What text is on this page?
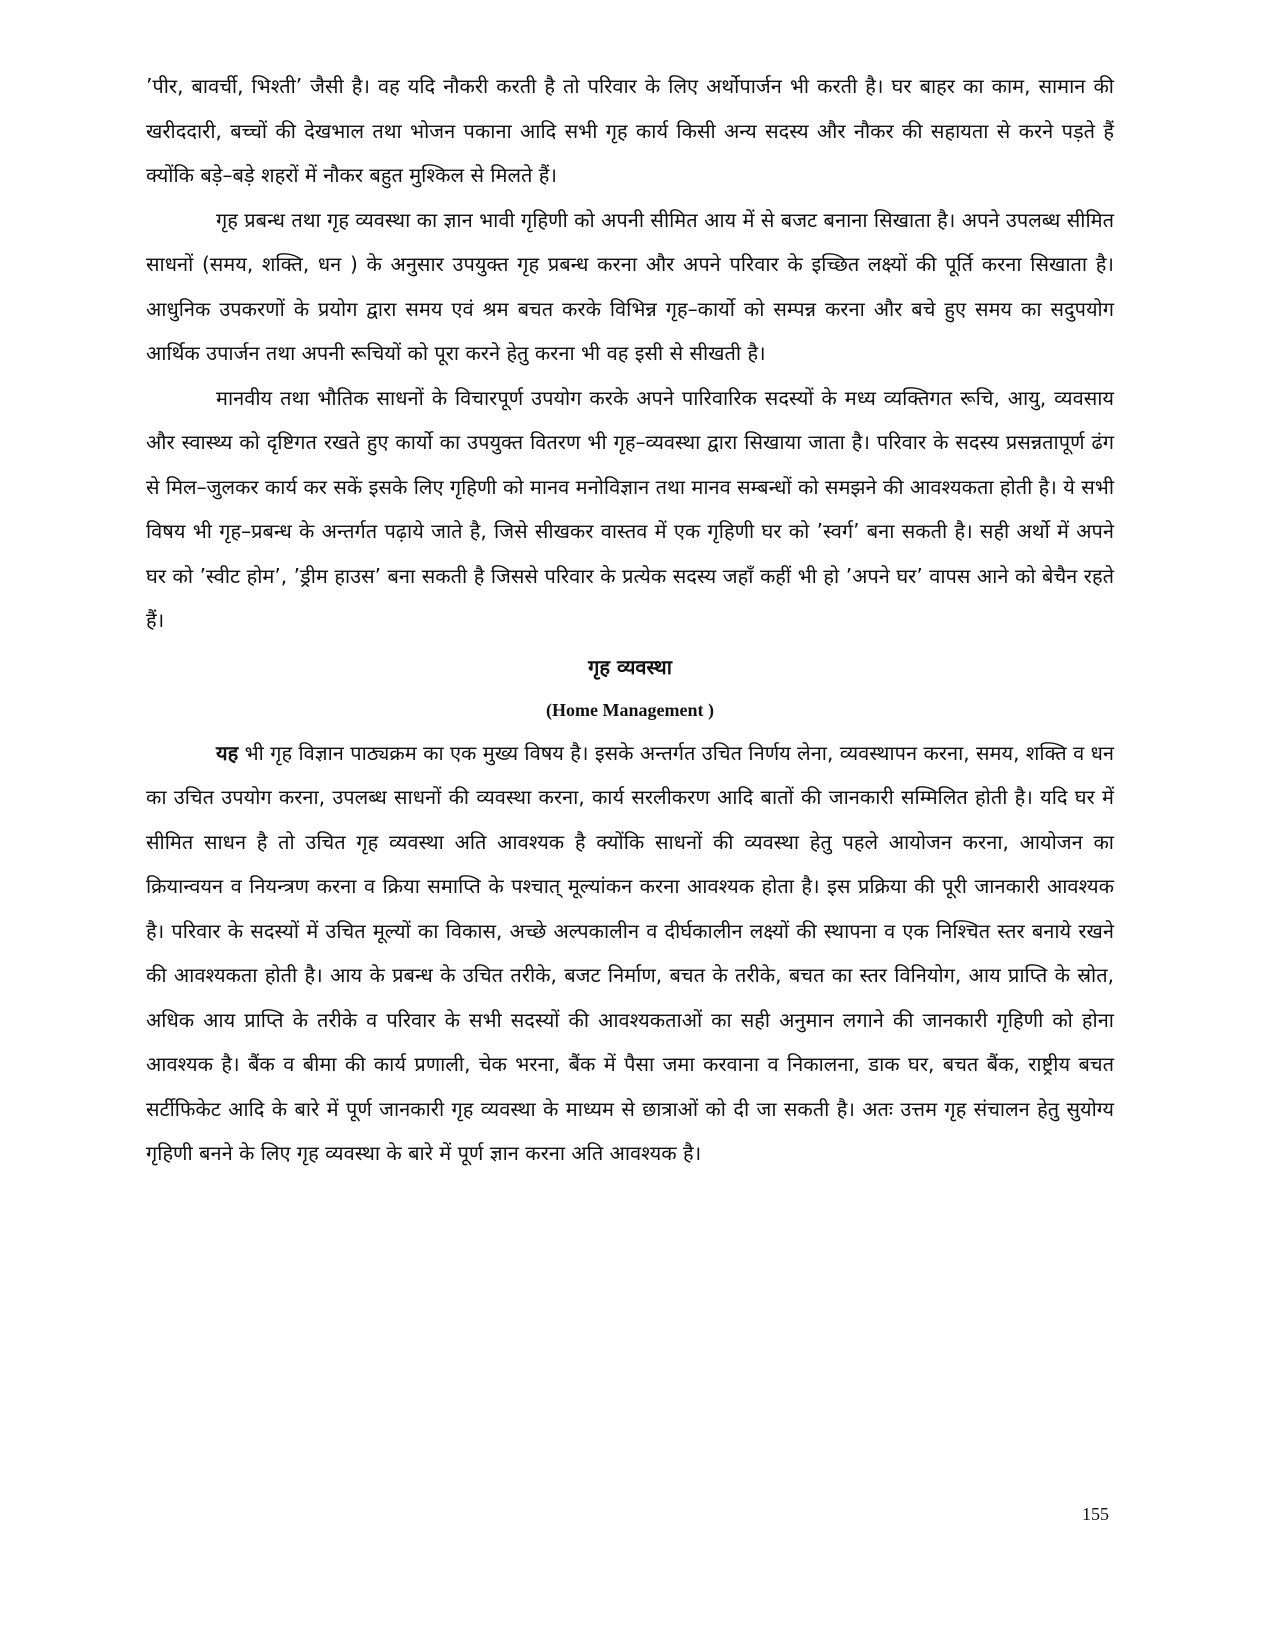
’पीर, बावर्ची, भिश्ती’ जैसी है। वह यदि नौकरी करती है तो परिवार के लिए अर्थोपार्जन भी करती है। घर बाहर का काम, सामान की खरीददारी, बच्चों की देखभाल तथा भोजन पकाना आदि सभी गृह कार्य किसी अन्य सदस्य और नौकर की सहायता से करने पड़ते हैं क्योंकि बड़े–बड़े शहरों में नौकर बहुत मुश्किल से मिलते हैं।

गृह प्रबन्ध तथा गृह व्यवस्था का ज्ञान भावी गृहिणी को अपनी सीमित आय में से बजट बनाना सिखाता है। अपने उपलब्ध सीमित साधनों (समय, शक्ति, धन ) के अनुसार उपयुक्त गृह प्रबन्ध करना और अपने परिवार के इच्छित लक्ष्यों की पूर्ति करना सिखाता है। आधुनिक उपकरणों के प्रयोग द्वारा समय एवं श्रम बचत करके विभिन्न गृह–कार्यो को सम्पन्न करना और बचे हुए समय का सदुपयोग आर्थिक उपार्जन तथा अपनी रूचियों को पूरा करने हेतु करना भी वह इसी से सीखती है।

मानवीय तथा भौतिक साधनों के विचारपूर्ण उपयोग करके अपने पारिवारिक सदस्यों के मध्य व्यक्तिगत रूचि, आयु, व्यवसाय और स्वास्थ्य को दृष्टिगत रखते हुए कार्यो का उपयुक्त वितरण भी गृह–व्यवस्था द्वारा सिखाया जाता है। परिवार के सदस्य प्रसन्नतापूर्ण ढंग से मिल–जुलकर कार्य कर सकें इसके लिए गृहिणी को मानव मनोविज्ञान तथा मानव सम्बन्धों को समझने की आवश्यकता होती है। ये सभी विषय भी गृह–प्रबन्ध के अन्तर्गत पढ़ाये जाते है, जिसे सीखकर वास्तव में एक गृहिणी घर को ’स्वर्ग’ बना सकती है। सही अर्थो में अपने घर को ’स्वीट होम’, ’ड्रीम हाउस’ बना सकती है जिससे परिवार के प्रत्येक सदस्य जहाँ कहीं भी हो ’अपने घर’ वापस आने को बेचैन रहते हैं।

गृह व्यवस्था
(Home Management )

यह भी गृह विज्ञान पाठ्यक्रम का एक मुख्य विषय है। इसके अन्तर्गत उचित निर्णय लेना, व्यवस्थापन करना, समय, शक्ति व धन का उचित उपयोग करना, उपलब्ध साधनों की व्यवस्था करना, कार्य सरलीकरण आदि बातों की जानकारी सम्मिलित होती है। यदि घर में सीमित साधन है तो उचित गृह व्यवस्था अति आवश्यक है क्योंकि साधनों की व्यवस्था हेतु पहले आयोजन करना, आयोजन का क्रियान्वयन व नियन्त्रण करना व क्रिया समाप्ति के पश्चात् मूल्यांकन करना आवश्यक होता है। इस प्रक्रिया की पूरी जानकारी आवश्यक है। परिवार के सदस्यों में उचित मूल्यों का विकास, अच्छे अल्पकालीन व दीर्घकालीन लक्ष्यों की स्थापना व एक निश्चित स्तर बनाये रखने की आवश्यकता होती है। आय के प्रबन्ध के उचित तरीके, बजट निर्माण, बचत के तरीके, बचत का स्तर विनियोग, आय प्राप्ति के स्रोत, अधिक आय प्राप्ति के तरीके व परिवार के सभी सदस्यों की आवश्यकताओं का सही अनुमान लगाने की जानकारी गृहिणी को होना आवश्यक है। बैंक व बीमा की कार्य प्रणाली, चेक भरना, बैंक में पैसा जमा करवाना व निकालना, डाक घर, बचत बैंक, राष्ट्रीय बचत सर्टीफिकेट आदि के बारे में पूर्ण जानकारी गृह व्यवस्था के माध्यम से छात्राओं को दी जा सकती है। अतः उत्तम गृह संचालन हेतु सुयोग्य गृहिणी बनने के लिए गृह व्यवस्था के बारे में पूर्ण ज्ञान करना अति आवश्यक है।

155
